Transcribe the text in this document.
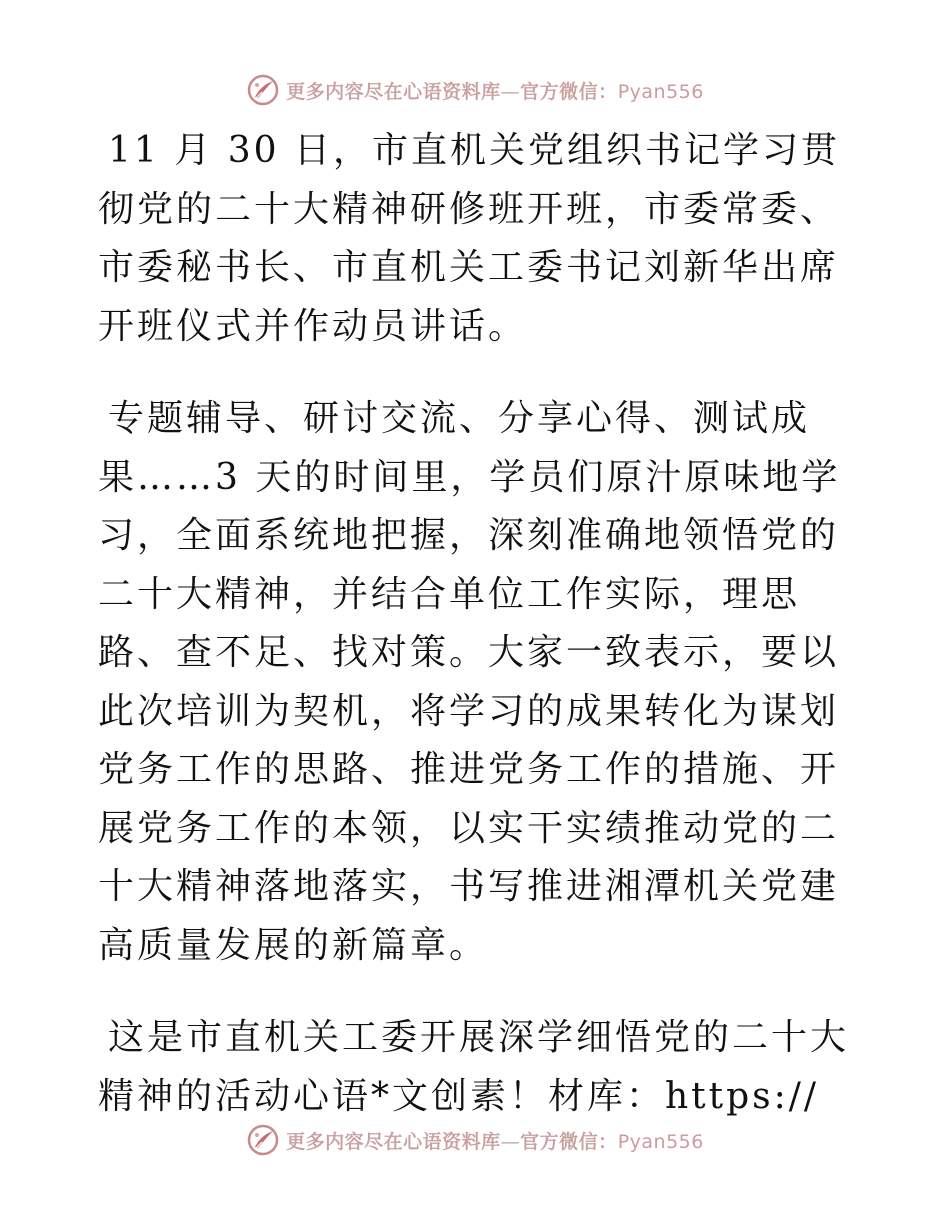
更多内容尽在心语资料库—官方微信：Pyan556

11 月 30 日，市直机关党组织书记学习贯彻党的二十大精神研修班开班，市委常委、市委秘书长、市直机关工委书记刘新华出席开班仪式并作动员讲话。

专题辅导、研讨交流、分享心得、测试成果……3 天的时间里，学员们原汁原味地学习，全面系统地把握，深刻准确地领悟党的二十大精神，并结合单位工作实际，理思路、查不足、找对策。大家一致表示，要以此次培训为契机，将学习的成果转化为谋划党务工作的思路、推进党务工作的措施、开展党务工作的本领，以实干实绩推动党的二十大精神落地落实，书写推进湘潭机关党建高质量发展的新篇章。

这是市直机关工委开展深学细悟党的二十大精神的活动心语*文创素！材库：https://

更多内容尽在心语资料库—官方微信：Pyan556
